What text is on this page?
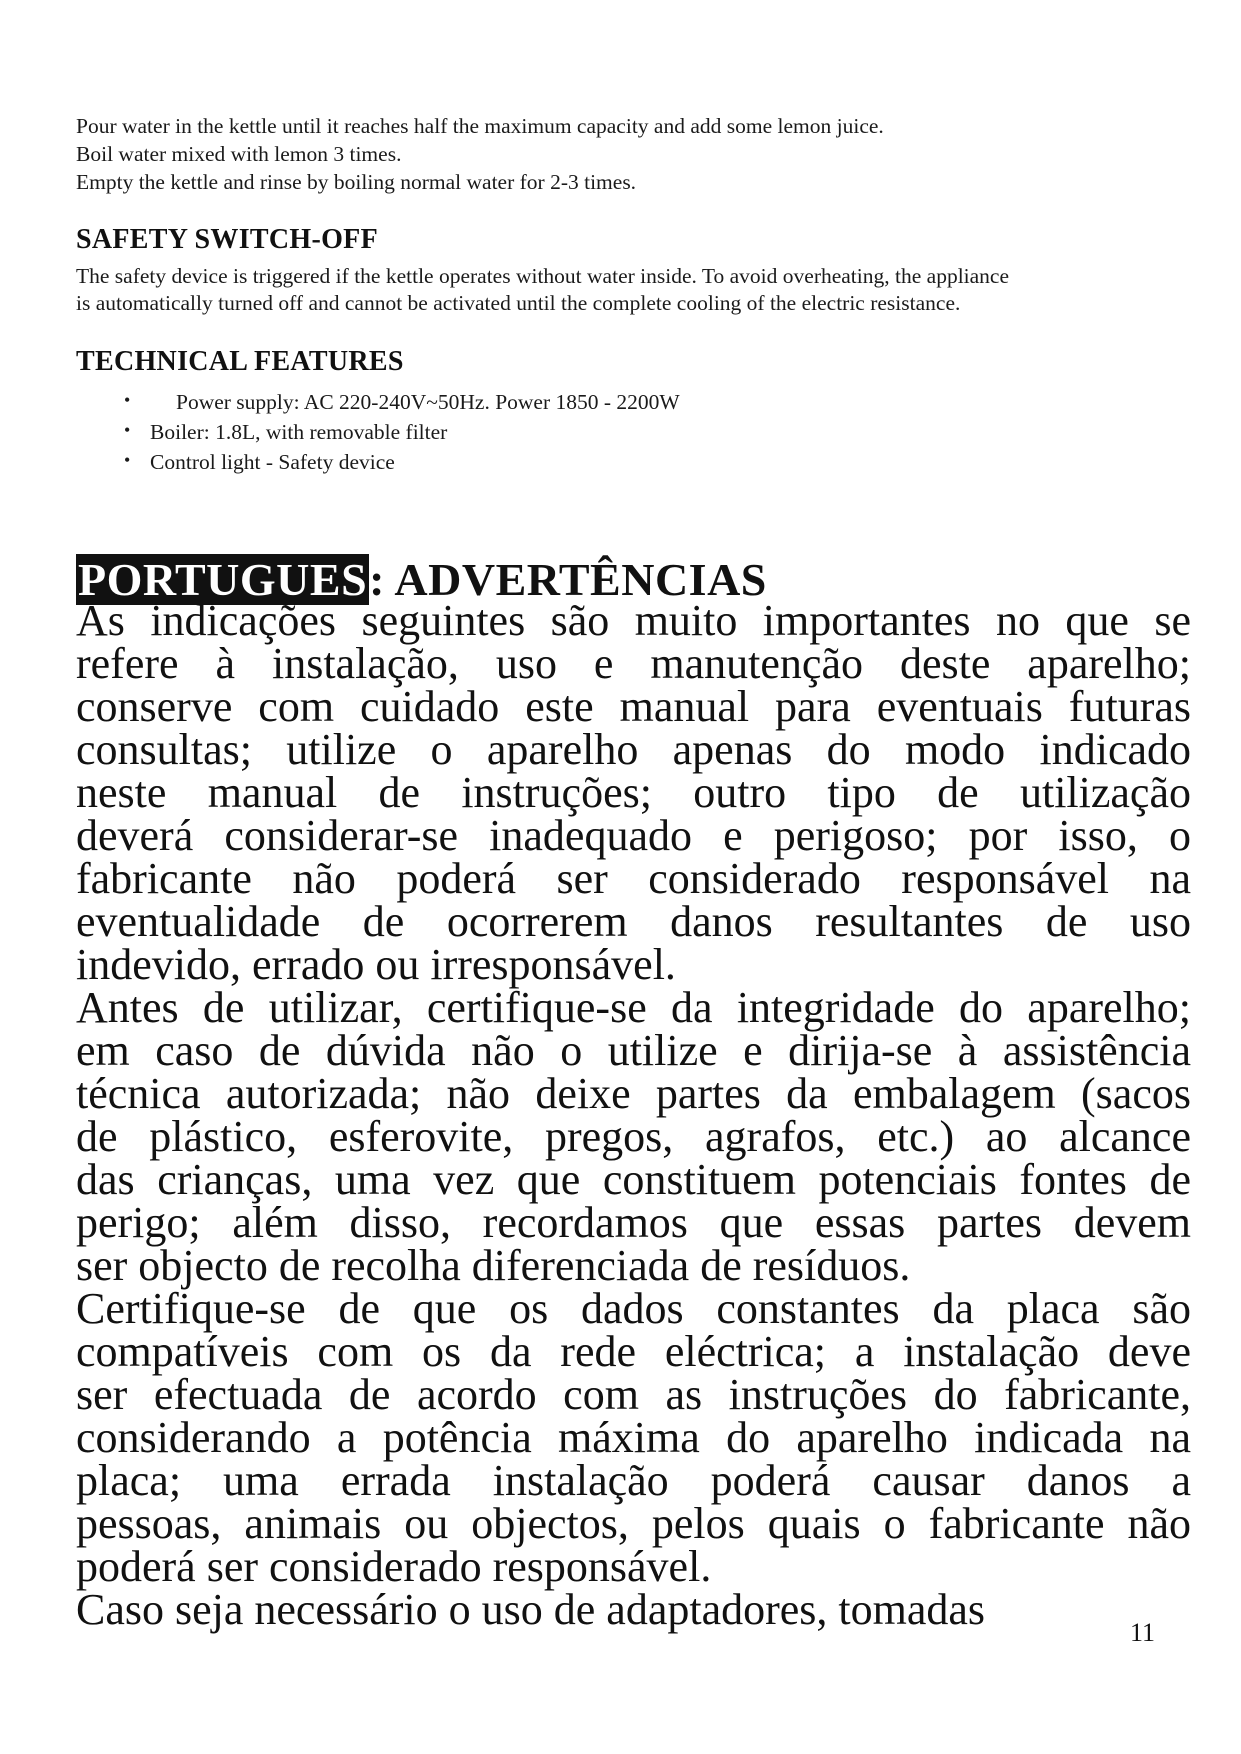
Pour water in the kettle until it reaches half the maximum capacity and add some lemon juice.
Boil water mixed with lemon 3 times.
Empty the kettle and rinse by boiling normal water for 2-3 times.
SAFETY SWITCH-OFF
The safety device is triggered if the kettle operates without water inside. To avoid overheating, the appliance
is automatically turned off and cannot be activated until the complete cooling of the electric resistance.
TECHNICAL FEATURES
• Power supply: AC 220-240V~50Hz. Power 1850 - 2200W
• Boiler: 1.8L, with removable filter
• Control light - Safety device
PORTUGUES: ADVERTÊNCIAS
As indicações seguintes são muito importantes no que se
refere à instalação, uso e manutenção deste aparelho;
conserve com cuidado este manual para eventuais futuras
consultas; utilize o aparelho apenas do modo indicado
neste manual de instruções; outro tipo de utilização
deverá considerar-se inadequado e perigoso; por isso, o
fabricante não poderá ser considerado responsável na
eventualidade de ocorrerem danos resultantes de uso
indevido, errado ou irresponsável.
Antes de utilizar, certifique-se da integridade do aparelho;
em caso de dúvida não o utilize e dirija-se à assistência
técnica autorizada; não deixe partes da embalagem (sacos
de plástico, esferovite, pregos, agrafos, etc.) ao alcance
das crianças, uma vez que constituem potenciais fontes de
perigo; além disso, recordamos que essas partes devem
ser objecto de recolha diferenciada de resíduos.
Certifique-se de que os dados constantes da placa são
compatíveis com os da rede eléctrica; a instalação deve
ser efectuada de acordo com as instruções do fabricante,
considerando a potência máxima do aparelho indicada na
placa; uma errada instalação poderá causar danos a
pessoas, animais ou objectos, pelos quais o fabricante não
poderá ser considerado responsável.
Caso seja necessário o uso de adaptadores, tomadas	11
